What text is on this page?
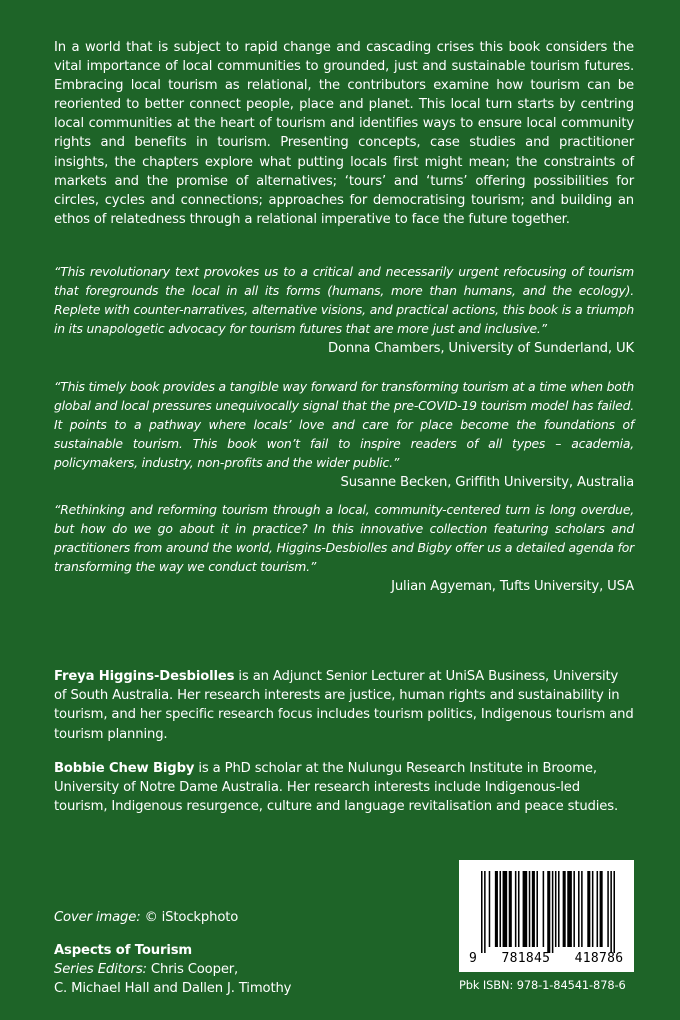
In a world that is subject to rapid change and cascading crises this book considers the vital importance of local communities to grounded, just and sustainable tourism futures. Embracing local tourism as relational, the contributors examine how tourism can be reoriented to better connect people, place and planet. This local turn starts by centring local communities at the heart of tourism and identifies ways to ensure local community rights and benefits in tourism. Presenting concepts, case studies and practitioner insights, the chapters explore what putting locals first might mean; the constraints of markets and the promise of alternatives; ‘tours’ and ‘turns’ offering possibilities for circles, cycles and connections; approaches for democratising tourism; and building an ethos of relatedness through a relational imperative to face the future together.

“This revolutionary text provokes us to a critical and necessarily urgent refocusing of tourism that foregrounds the local in all its forms (humans, more than humans, and the ecology). Replete with counter-narratives, alternative visions, and practical actions, this book is a triumph in its unapologetic advocacy for tourism futures that are more just and inclusive.”

Donna Chambers, University of Sunderland, UK

“This timely book provides a tangible way forward for transforming tourism at a time when both global and local pressures unequivocally signal that the pre-COVID-19 tourism model has failed. It points to a pathway where locals’ love and care for place become the foundations of sustainable tourism. This book won’t fail to inspire readers of all types – academia, policymakers, industry, non-profits and the wider public.”

Susanne Becken, Griffith University, Australia

“Rethinking and reforming tourism through a local, community-centered turn is long overdue, but how do we go about it in practice? In this innovative collection featuring scholars and practitioners from around the world, Higgins-Desbiolles and Bigby offer us a detailed agenda for transforming the way we conduct tourism.”

Julian Agyeman, Tufts University, USA

Freya Higgins-Desbiolles is an Adjunct Senior Lecturer at UniSA Business, University of South Australia. Her research interests are justice, human rights and sustainability in tourism, and her specific research focus includes tourism politics, Indigenous tourism and tourism planning.

Bobbie Chew Bigby is a PhD scholar at the Nulungu Research Institute in Broome, University of Notre Dame Australia. Her research interests include Indigenous-led tourism, Indigenous resurgence, culture and language revitalisation and peace studies.

Cover image: © iStockphoto

Aspects of Tourism

Series Editors: Chris Cooper,
C. Michael Hall and Dallen J. Timothy

9   781845   418786
Pbk ISBN: 978-1-84541-878-6
